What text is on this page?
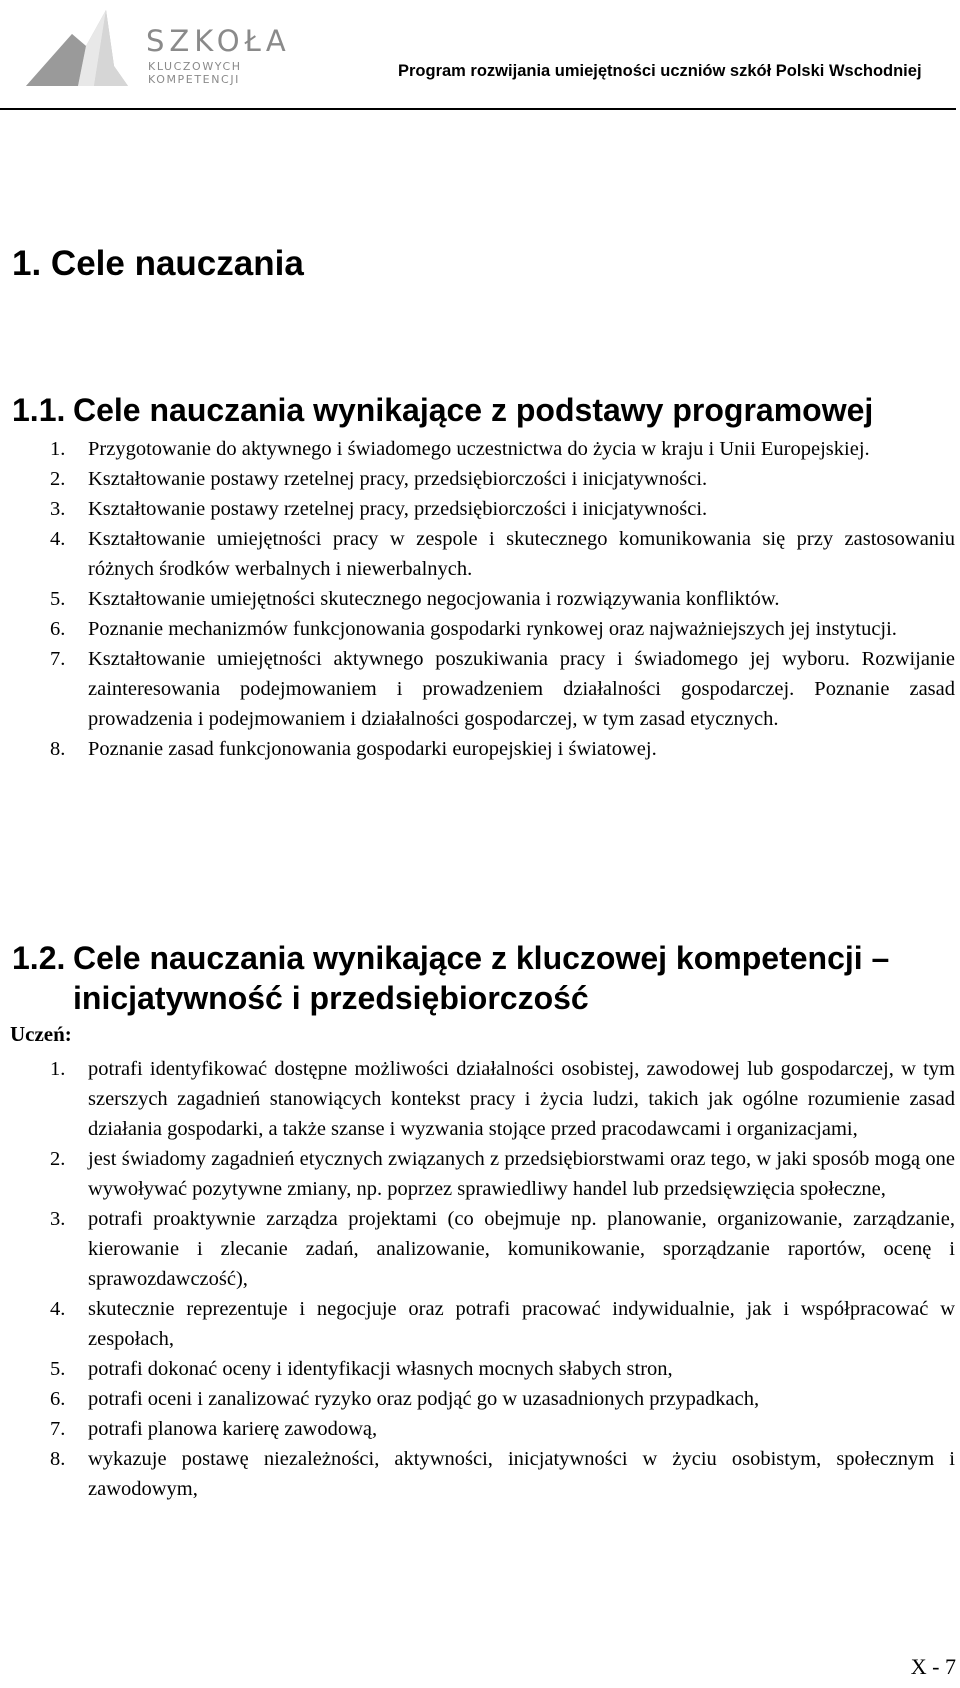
SZKOŁA
KLUCZOWYCH KOMPETENCJI	Program rozwijania umiejętności uczniów szkół Polski Wschodniej
1. Cele nauczania
1.1. Cele nauczania wynikające z podstawy programowej
1. Przygotowanie do aktywnego i świadomego uczestnictwa do życia w kraju i Unii Europejskiej.
2. Kształtowanie postawy rzetelnej pracy, przedsiębiorczości i inicjatywności.
3. Kształtowanie postawy rzetelnej pracy, przedsiębiorczości i inicjatywności.
4. Kształtowanie umiejętności pracy w zespole i skutecznego komunikowania się przy zastosowaniu różnych środków werbalnych i niewerbalnych.
5. Kształtowanie umiejętności skutecznego negocjowania i rozwiązywania konfliktów.
6. Poznanie mechanizmów funkcjonowania gospodarki rynkowej oraz najważniejszych jej instytucji.
7. Kształtowanie umiejętności aktywnego poszukiwania pracy i świadomego jej wyboru. Rozwijanie zainteresowania podejmowaniem i prowadzeniem działalności gospodarczej. Poznanie zasad prowadzenia i podejmowaniem i działalności gospodarczej, w tym zasad etycznych.
8. Poznanie zasad funkcjonowania gospodarki europejskiej i światowej.
1.2. Cele nauczania wynikające z kluczowej kompetencji –
inicjatywność i przedsiębiorczość
Uczeń:
1. potrafi identyfikować dostępne możliwości działalności osobistej, zawodowej lub gospodarczej, w tym szerszych zagadnień stanowiących kontekst pracy i życia ludzi, takich jak ogólne rozumienie zasad działania gospodarki, a także szanse i wyzwania stojące przed pracodawcami i organizacjami,
2. jest świadomy zagadnień etycznych związanych z przedsiębiorstwami oraz tego, w jaki sposób mogą one wywoływać pozytywne zmiany, np. poprzez sprawiedliwy handel lub przedsięwzięcia społeczne,
3. potrafi proaktywnie zarządza projektami (co obejmuje np. planowanie, organizowanie, zarządzanie, kierowanie i zlecanie zadań, analizowanie, komunikowanie, sporządzanie raportów, ocenę i sprawozdawczość),
4. skutecznie reprezentuje i negocjuje oraz potrafi pracować indywidualnie, jak i współpracować w zespołach,
5. potrafi dokonać oceny i identyfikacji własnych mocnych słabych stron,
6. potrafi oceni i zanalizować ryzyko oraz podjąć go w uzasadnionych przypadkach,
7. potrafi planowa karierę zawodową,
8. wykazuje postawę niezależności, aktywności, inicjatywności w życiu osobistym, społecznym i zawodowym,
X - 7
